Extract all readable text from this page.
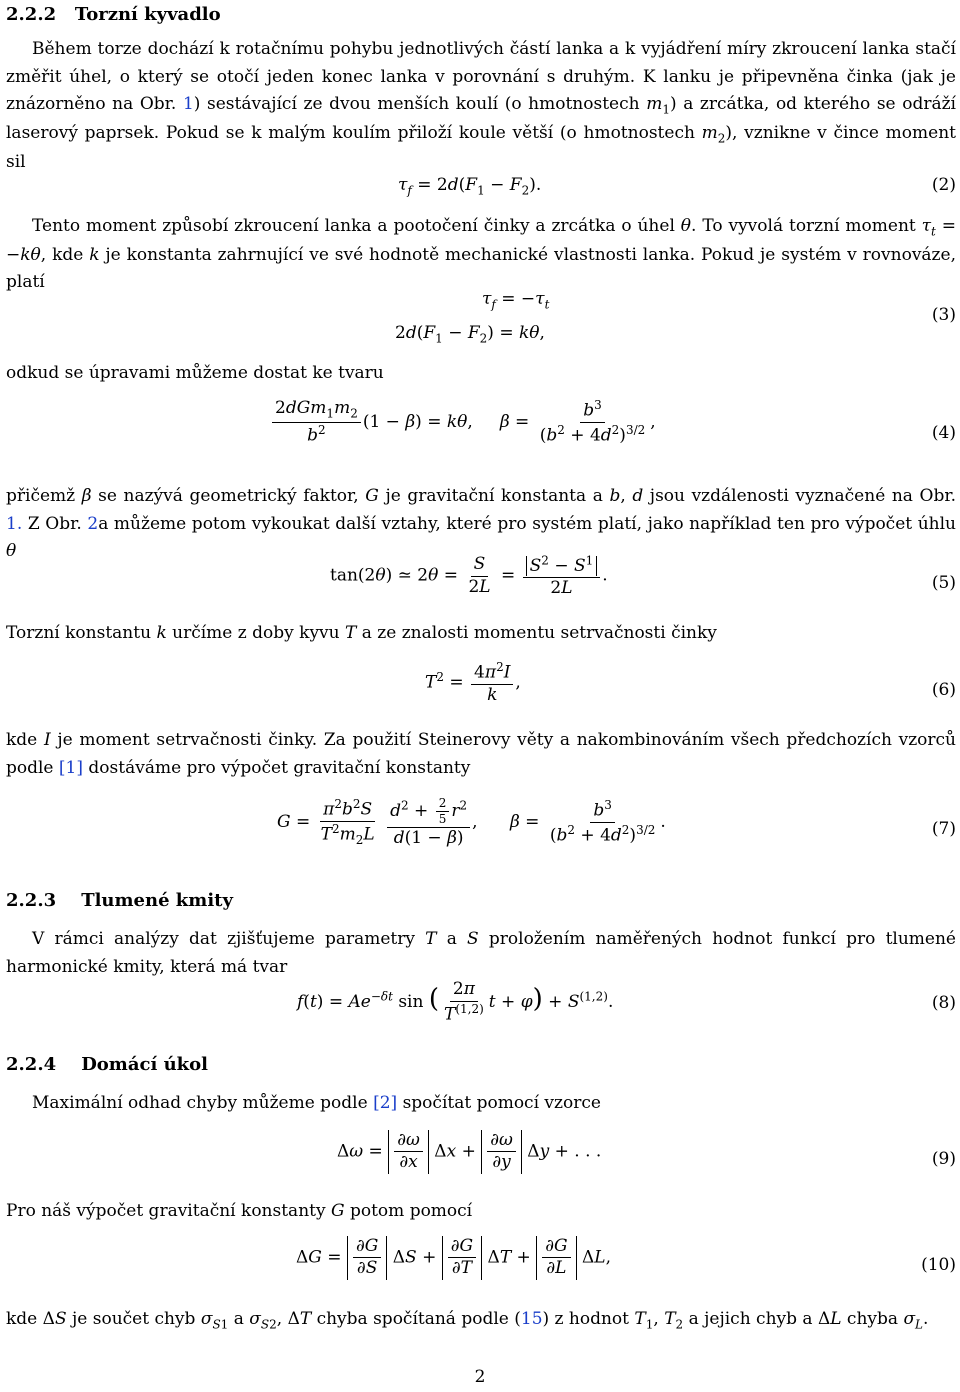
2.2.2 Torzní kyvadlo
Během torze dochází k rotačnímu pohybu jednotlivých částí lanka a k vyjádření míry zkroucení lanka stačí změřit úhel, o který se otočí jeden konec lanka v porovnání s druhým. K lanku je připevněna činka (jak je znázorněno na Obr. 1) sestávající ze dvou menších koulí (o hmotnostech $m_1$) a zrcátka, od kterého se odráží laserový paprsek. Pokud se k malým koulím přiloží koule větší (o hmotnostech $m_2$), vznikne v čince moment sil
$\tau_f = 2d(F_1 - F_2)$.	(2)
Tento moment způsobí zkroucení lanka a pootočení činky a zrcátka o úhel θ. To vyvolá torzní moment $\tau_t = -k\theta$, kde k je konstanta zahrnující ve své hodnotě mechanické vlastnosti lanka. Pokud je systém v rovnováze, platí
$\tau_f = -\tau_t$
$2d(F_1 - F_2) = k\theta$,
(3)
odkud se úpravami můžeme dostat ke tvaru
$\frac{2dGm_1m_2}{b^2} (1 - \beta) = k\theta$,     $\beta = \frac{b^3}{(b^2 + 4d^2)^{3/2}}$ ,
(4)
přičemž β se nazývá geometrický faktor, G je gravitační konstanta a b, d jsou vzdálenosti vyznačené na Obr. 1. Z Obr. 2a můžeme potom vykoukat další vztahy, které pro systém platí, jako například ten pro výpočet úhlu θ
tan(2θ) ≃ $2\theta = \frac{S}{2L} = \frac{S^2 - S^1}{2L}$ .	(5)
Torzní konstantu k určíme z doby kyvu T a ze znalosti momentu setrvačnosti činky
$T^2 = \frac{4\pi^2I}{k}$ ,	(6)
kde I je moment setrvačnosti činky. Za použití Steinerovy věty a nakombinováním všech předchozích vzorců podle [1] dostáváme pro výpočet gravitační konstanty
$G = \frac{\pi^2b^2S}{T^2m_2L}$
$\frac{d^2 + \frac{2}{5} r^2}{d(1 - \beta)}$ ,      $\beta = \frac{b^3}{(b^2 + 4d^2)^{3/2}}$ .	(7)
2.2.3 Tlumené kmity
V rámci analýzy dat zjišťujeme parametry T a S proložením naměřených hodnot funkcí pro tlumené harmonické kmity, která má tvar
$f(t) = Ae^{-\delta t}$ sin ( $\frac{2\pi}{T^{(1,2)}}$ t + φ) + S$^{(1,2)}$.	(8)
2.2.4 Domácí úkol
Maximální odhad chyby můžeme podle [2] spočítat pomocí vzorce
$\Delta\omega = \frac{\partial\omega}{\partial x}$ $\Delta x + \frac{\partial\omega}{\partial y}$ Δy + . . .	(9)
Pro náš výpočet gravitační konstanty G potom pomocí
$\Delta G = \frac{\partial G}{\partial S}$ $\Delta S + \frac{\partial G}{\partial T}$ $\Delta T + \frac{\partial G}{\partial L} \Delta L$,	(10)
kde ΔS je součet chyb $\sigma_{S1}$ a $\sigma_{S2}$, ΔT chyba spočítaná podle (15) z hodnot $T_1$, $T_2$ a jejich chyb a ΔL chyba $\sigma_L$.
2
